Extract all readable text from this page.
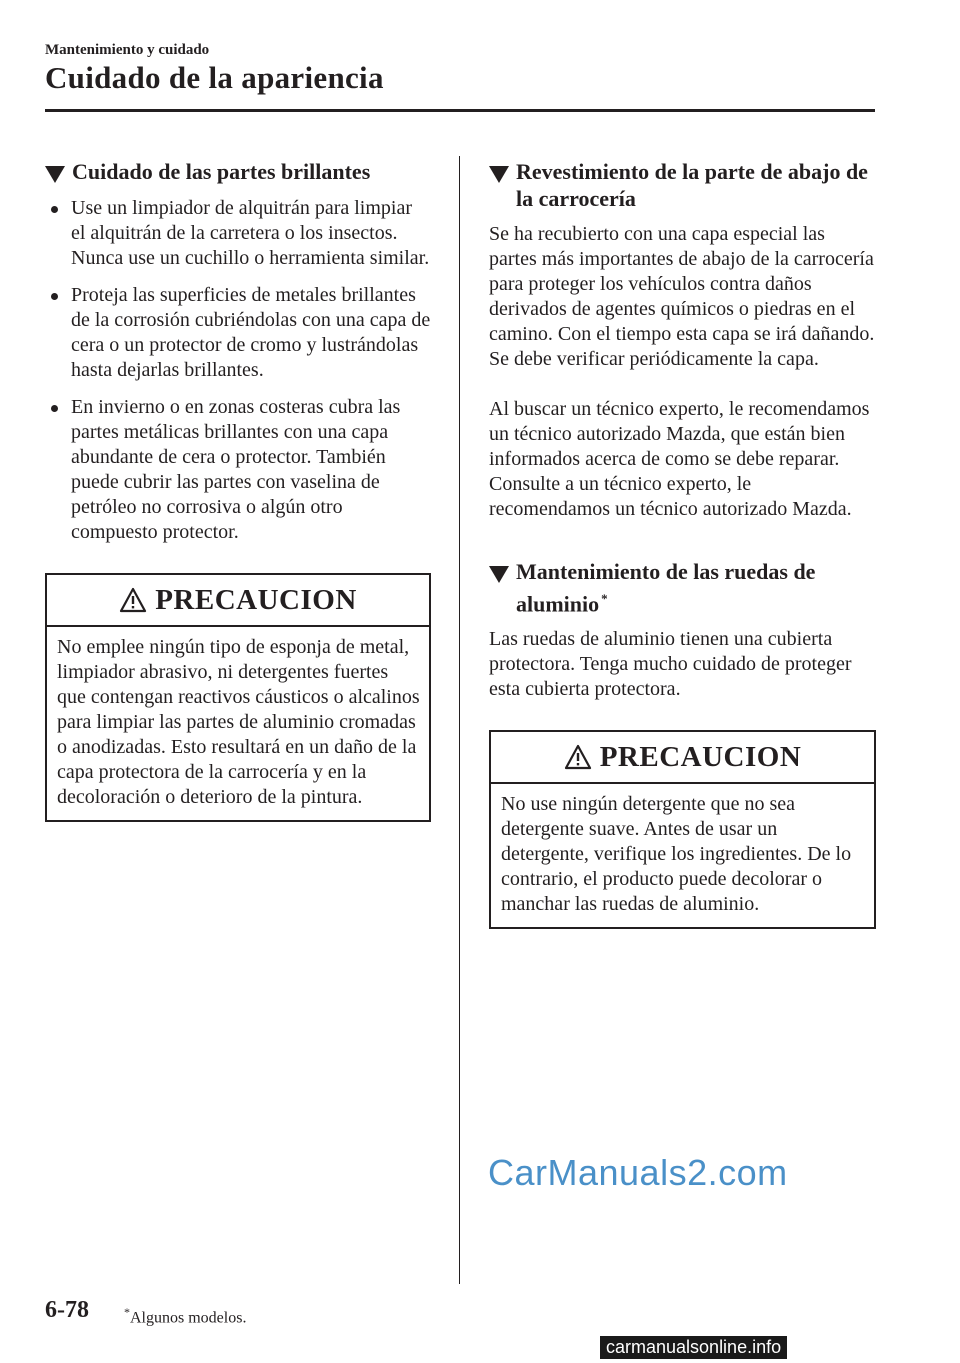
Mantenimiento y cuidado
Cuidado de la apariencia
Cuidado de las partes brillantes
Use un limpiador de alquitrán para limpiar el alquitrán de la carretera o los insectos. Nunca use un cuchillo o herramienta similar.
Proteja las superficies de metales brillantes de la corrosión cubriéndolas con una capa de cera o un protector de cromo y lustrándolas hasta dejarlas brillantes.
En invierno o en zonas costeras cubra las partes metálicas brillantes con una capa abundante de cera o protector. También puede cubrir las partes con vaselina de petróleo no corrosiva o algún otro compuesto protector.
PRECAUCION
No emplee ningún tipo de esponja de metal, limpiador abrasivo, ni detergentes fuertes que contengan reactivos cáusticos o alcalinos para limpiar las partes de aluminio cromadas o anodizadas. Esto resultará en un daño de la capa protectora de la carrocería y en la decoloración o deterioro de la pintura.
Revestimiento de la parte de abajo de la carrocería

Se ha recubierto con una capa especial las partes más importantes de abajo de la carrocería para proteger los vehículos contra daños derivados de agentes químicos o piedras en el camino. Con el tiempo esta capa se irá dañando. Se debe verificar periódicamente la capa.

Al buscar un técnico experto, le recomendamos un técnico autorizado Mazda, que están bien informados acerca de como se debe reparar. Consulte a un técnico experto, le recomendamos un técnico autorizado Mazda.

Mantenimiento de las ruedas de aluminio *

Las ruedas de aluminio tienen una cubierta protectora. Tenga mucho cuidado de proteger esta cubierta protectora.

PRECAUCION
No use ningún detergente que no sea detergente suave. Antes de usar un detergente, verifique los ingredientes. De lo contrario, el producto puede decolorar o manchar las ruedas de aluminio.
CarManuals2.com
6-78	*Algunos modelos.
carmanualsonline.info
